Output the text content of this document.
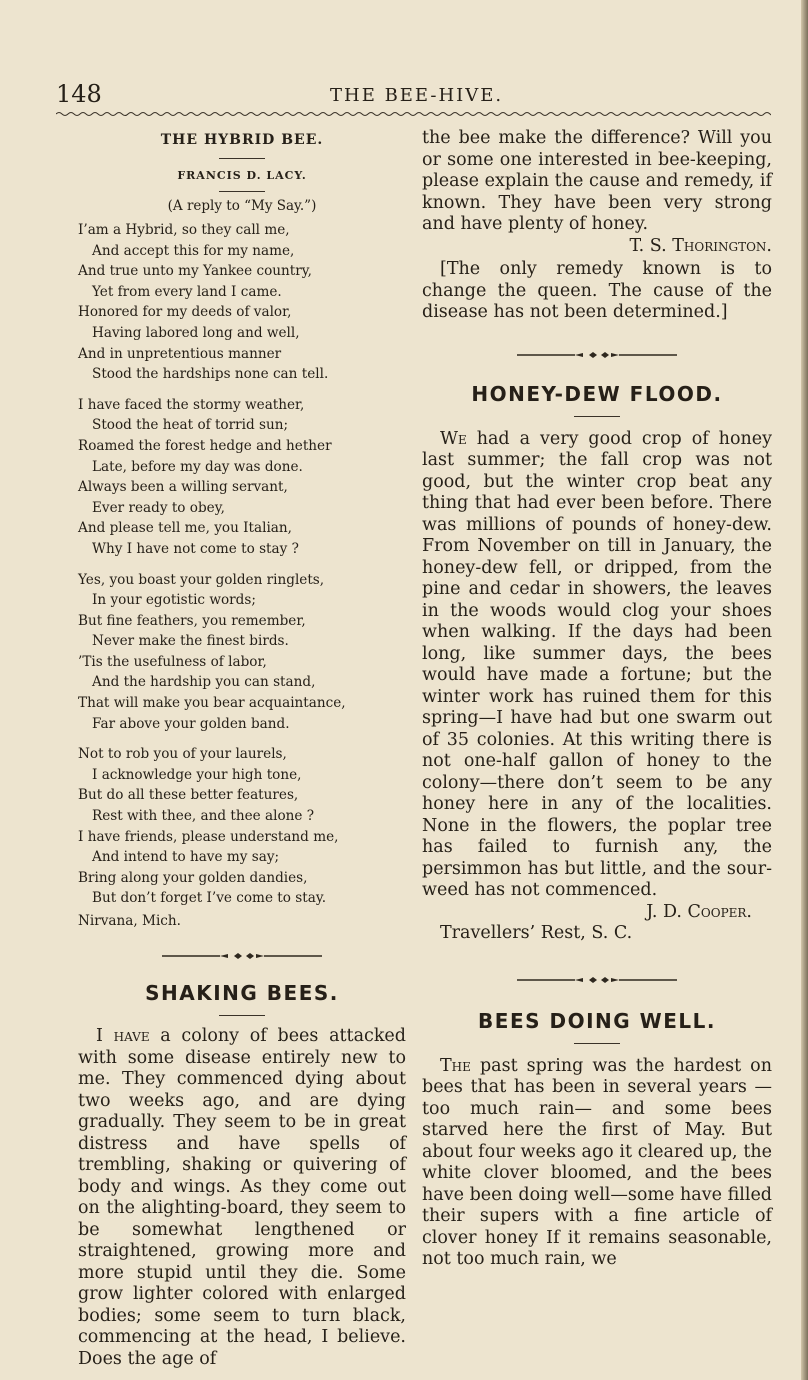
148	THE BEE-HIVE.

THE HYBRID BEE.

FRANCIS D. LACY.

(A reply to “My Say.”)

I’am a Hybrid, so they call me,
And accept this for my name,
And true unto my Yankee country,
Yet from every land I came.
Honored for my deeds of valor,
Having labored long and well,
And in unpretentious manner
Stood the hardships none can tell.
I have faced the stormy weather,
Stood the heat of torrid sun;
Roamed the forest hedge and hether
Late, before my day was done.
Always been a willing servant,
Ever ready to obey,
And please tell me, you Italian,
Why I have not come to stay ?
Yes, you boast your golden ringlets,
In your egotistic words;
But fine feathers, you remember,
Never make the finest birds.
’Tis the usefulness of labor,
And the hardship you can stand,
That will make you bear acquaintance,
Far above your golden band.
Not to rob you of your laurels,
I acknowledge your high tone,
But do all these better features,
Rest with thee, and thee alone ?
I have friends, please understand me,
And intend to have my say;
Bring along your golden dandies,
But don’t forget I’ve come to stay.

Nirvana, Mich.

SHAKING BEES.

I have a colony of bees attacked with some disease entirely new to me. They commenced dying about two weeks ago, and are dying gradually. They seem to be in great distress and have spells of trembling, shaking or quivering of body and wings. As they come out on the alighting-board, they seem to be somewhat lengthened or straightened, growing more and more stupid until they die. Some grow lighter colored with enlarged bodies; some seem to turn black, commencing at the head, I believe. Does the age of

the bee make the difference? Will you or some one interested in bee-keeping, please explain the cause and remedy, if known. They have been very strong and have plenty of honey.

T. S. Thorington.

[The only remedy known is to change the queen. The cause of the disease has not been determined.]

HONEY-DEW FLOOD.

We had a very good crop of honey last summer; the fall crop was not good, but the winter crop beat any thing that had ever been before. There was millions of pounds of honey-dew. From November on till in January, the honey-dew fell, or dripped, from the pine and cedar in showers, the leaves in the woods would clog your shoes when walking. If the days had been long, like summer days, the bees would have made a fortune; but the winter work has ruined them for this spring—I have had but one swarm out of 35 colonies. At this writing there is not one-half gallon of honey to the colony—there don’t seem to be any honey here in any of the localities. None in the flowers, the poplar tree has failed to furnish any, the persimmon has but little, and the sour-weed has not commenced.

J. D. Cooper.

Travellers’ Rest, S. C.

BEES DOING WELL.

The past spring was the hardest on bees that has been in several years —too much rain— and some bees starved here the first of May. But about four weeks ago it cleared up, the white clover bloomed, and the bees have been doing well—some have filled their supers with a fine article of clover honey If it remains seasonable, not too much rain, we
